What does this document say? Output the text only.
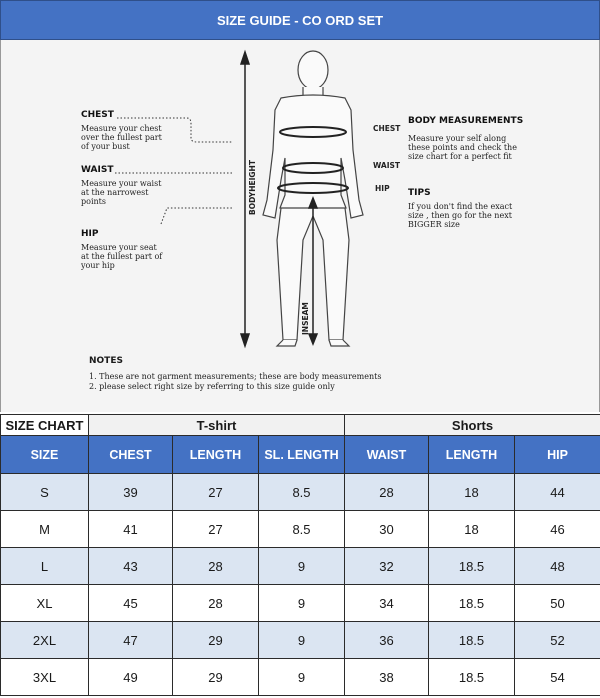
SIZE GUIDE - CO ORD SET
BODYHEIGHT
INSEAM
CHEST
WAIST
HIP
CHEST
Measure your chest
over the fullest part
of your bust
WAIST
Measure your waist
at the narrowest
points
HIP
Measure your seat
at the fullest part of
your hip
BODY MEASUREMENTS
Measure your self along
these points and check the
size chart for a perfect fit
TIPS
If you don't find the exact
size , then go for the next
BIGGER size
NOTES
1. These are not garment measurements; these are body measurements
2. please select right size by referring to this size guide only
SIZE CHART	T-shirt			Shorts		
SIZE	CHEST	LENGTH	SL. LENGTH	WAIST	LENGTH	HIP
S	39	27	8.5	28	18	44
M	41	27	8.5	30	18	46
L	43	28	9	32	18.5	48
XL	45	28	9	34	18.5	50
2XL	47	29	9	36	18.5	52
3XL	49	29	9	38	18.5	54
